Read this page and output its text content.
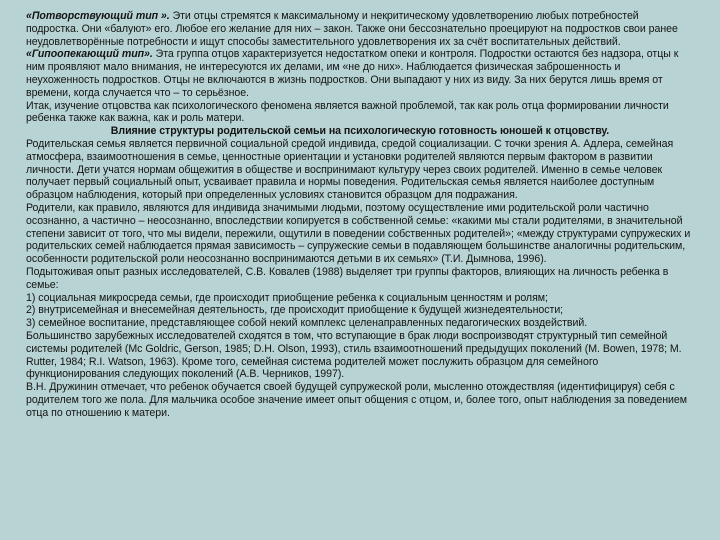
«Потворствующий тип ». Эти отцы стремятся к максимальному и некритическому удовлетворению любых потребностей подростка. Они «балуют» его. Любое его желание для них – закон. Также они бессознательно проецируют на подростков свои ранее неудовлетворённые потребности и ищут способы заместительного удовлетворения их за счёт воспитательных действий.

«Гипоопекающий тип». Эта группа отцов характеризуется недостатком опеки и контроля. Подростки остаются без надзора, отцы к ним проявляют мало внимания, не интересуются их делами, им «не до них». Наблюдается физическая заброшенность и неухоженность подростков. Отцы не включаются в жизнь подростков. Они выпадают у них из виду. За них берутся лишь время от времени, когда случается что – то серьёзное.

Итак, изучение отцовства как психологического феномена является важной проблемой, так как роль отца формировании личности ребенка также как важна, как и роль матери.

Влияние структуры родительской семьи на психологическую готовность юношей к отцовству.

Родительская семья является первичной социальной средой индивида, средой социализации. С точки зрения А. Адлера, семейная атмосфера, взаимоотношения в семье, ценностные ориентации и установки родителей являются первым фактором в развитии личности. Дети учатся нормам общежития в обществе и воспринимают культуру через своих родителей. Именно в семье человек получает первый социальный опыт, усваивает правила и нормы поведения. Родительская семья является наиболее доступным образцом наблюдения, который при определенных условиях становится образцом для подражания.

Родители, как правило, являются для индивида значимыми людьми, поэтому осуществление ими родительской роли частично осознанно, а частично – неосознанно, впоследствии копируется в собственной семье: «какими мы стали родителями, в значительной степени зависит от того, что мы видели, пережили, ощутили в поведении собственных родителей»; «между структурами супружеских и родительских семей наблюдается прямая зависимость – супружеские семьи в подавляющем большинстве аналогичны родительским, особенности родительской роли неосознанно воспринимаются детьми в их семьях» (Т.И. Дымнова, 1996).

Подытоживая опыт разных исследователей, С.В. Ковалев (1988) выделяет три группы факторов, влияющих на личность ребенка в семье:

1) социальная микросреда семьи, где происходит приобщение ребенка к социальным ценностям и ролям;

2) внутрисемейная и внесемейная деятельность, где происходит приобщение к будущей жизнедеятельности;

3) семейное воспитание, представляющее собой некий комплекс целенаправленных педагогических воздействий.

Большинство зарубежных исследователей сходятся в том, что вступающие в брак люди воспроизводят структурный тип семейной системы родителей (Mc Goldric, Gerson, 1985; D.H. Olson, 1993), стиль взаимоотношений предыдущих поколений (M. Bowen, 1978; M. Rutter, 1984; R.I. Watson, 1963). Кроме того, семейная система родителей может послужить образцом для семейного функционирования следующих поколений (А.В. Черников, 1997).

В.Н. Дружинин отмечает, что ребенок обучается своей будущей супружеской роли, мысленно отождествляя (идентифицируя) себя с родителем того же пола. Для мальчика особое значение имеет опыт общения с отцом, и, более того, опыт наблюдения за поведением отца по отношению к матери.
